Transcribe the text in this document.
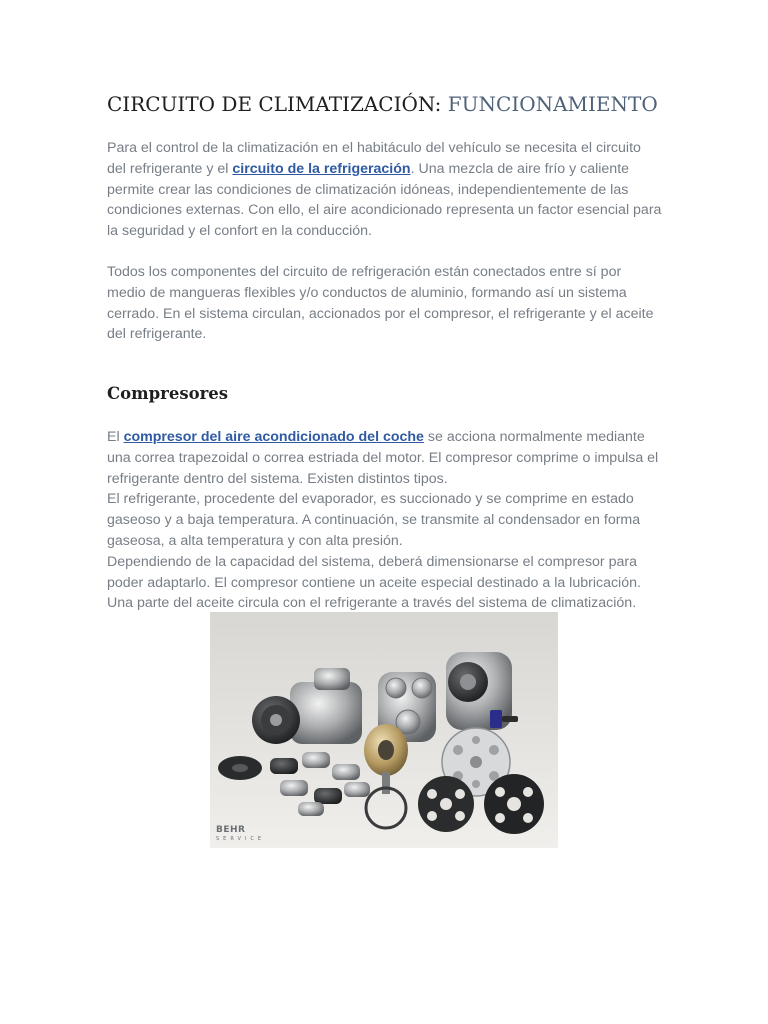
CIRCUITO DE CLIMATIZACIÓN: FUNCIONAMIENTO

Para el control de la climatización en el habitáculo del vehículo se necesita el circuito del refrigerante y el circuito de la refrigeración. Una mezcla de aire frío y caliente permite crear las condiciones de climatización idóneas, independientemente de las condiciones externas. Con ello, el aire acondicionado representa un factor esencial para la seguridad y el confort en la conducción.

Todos los componentes del circuito de refrigeración están conectados entre sí por medio de mangueras flexibles y/o conductos de aluminio, formando así un sistema cerrado. En el sistema circulan, accionados por el compresor, el refrigerante y el aceite del refrigerante.

Compresores

El compresor del aire acondicionado del coche se acciona normalmente mediante una correa trapezoidal o correa estriada del motor. El compresor comprime o impulsa el refrigerante dentro del sistema. Existen distintos tipos.
El refrigerante, procedente del evaporador, es succionado y se comprime en estado gaseoso y a baja temperatura. A continuación, se transmite al condensador en forma gaseosa, a alta temperatura y con alta presión.
Dependiendo de la capacidad del sistema, deberá dimensionarse el compresor para poder adaptarlo. El compresor contiene un aceite especial destinado a la lubricación. Una parte del aceite circula con el refrigerante a través del sistema de climatización.

BEHR
SERVICE
